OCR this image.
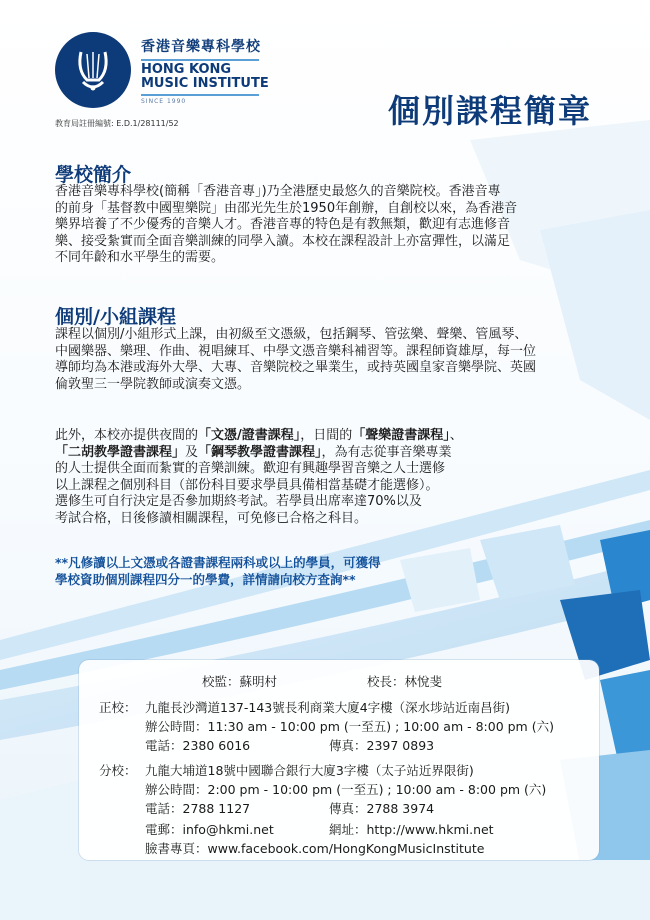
香港音樂專科學校
HONG KONG
MUSIC INSTITUTE
SINCE 1990
教育局註冊編號: E.D.1/28111/52	個別課程簡章
學校簡介
香港音樂專科學校(簡稱「香港音專」)乃全港歷史最悠久的音樂院校。香港音專
的前身「基督教中國聖樂院」由邵光先生於1950年創辦，自創校以來，為香港音
樂界培養了不少優秀的音樂人才。香港音專的特色是有教無類，歡迎有志進修音
樂、接受紮實而全面音樂訓練的同學入讀。本校在課程設計上亦富彈性，以滿足
不同年齡和水平學生的需要。
個別/小組課程
課程以個別/小組形式上課，由初級至文憑級，包括鋼琴、管弦樂、聲樂、管風琴、
中國樂器、樂理、作曲、視唱練耳、中學文憑音樂科補習等。課程師資雄厚，每一位
導師均為本港或海外大學、大專、音樂院校之畢業生，或持英國皇家音樂學院、英國
倫敦聖三一學院教師或演奏文憑。
此外，本校亦提供夜間的「文憑/證書課程」，日間的「聲樂證書課程」、
「二胡教學證書課程」及「鋼琴教學證書課程」，為有志從事音樂專業
的人士提供全面而紮實的音樂訓練。歡迎有興趣學習音樂之人士選修
以上課程之個別科目（部份科目要求學員具備相當基礎才能選修）。
選修生可自行決定是否參加期終考試。若學員出席率達70%以及
考試合格，日後修讀相關課程，可免修已合格之科目。
**凡修讀以上文憑或各證書課程兩科或以上的學員，可獲得
學校資助個別課程四分一的學費，詳情請向校方查詢**
校監：蘇明村	校長：林悅斐
正校： 九龍長沙灣道137-143號長利商業大廈4字樓（深水埗站近南昌街)
辦公時間：11:30 am - 10:00 pm (一至五) ; 10:00 am - 8:00 pm (六)
電話：2380 6016	傳真：2397 0893
分校： 九龍大埔道18號中國聯合銀行大廈3字樓（太子站近界限街)
辦公時間：2:00 pm - 10:00 pm (一至五) ; 10:00 am - 8:00 pm (六)
電話：2788 1127	傳真：2788 3974
電郵：info@hkmi.net	網址：http://www.hkmi.net
臉書專頁：www.facebook.com/HongKongMusicInstitute
